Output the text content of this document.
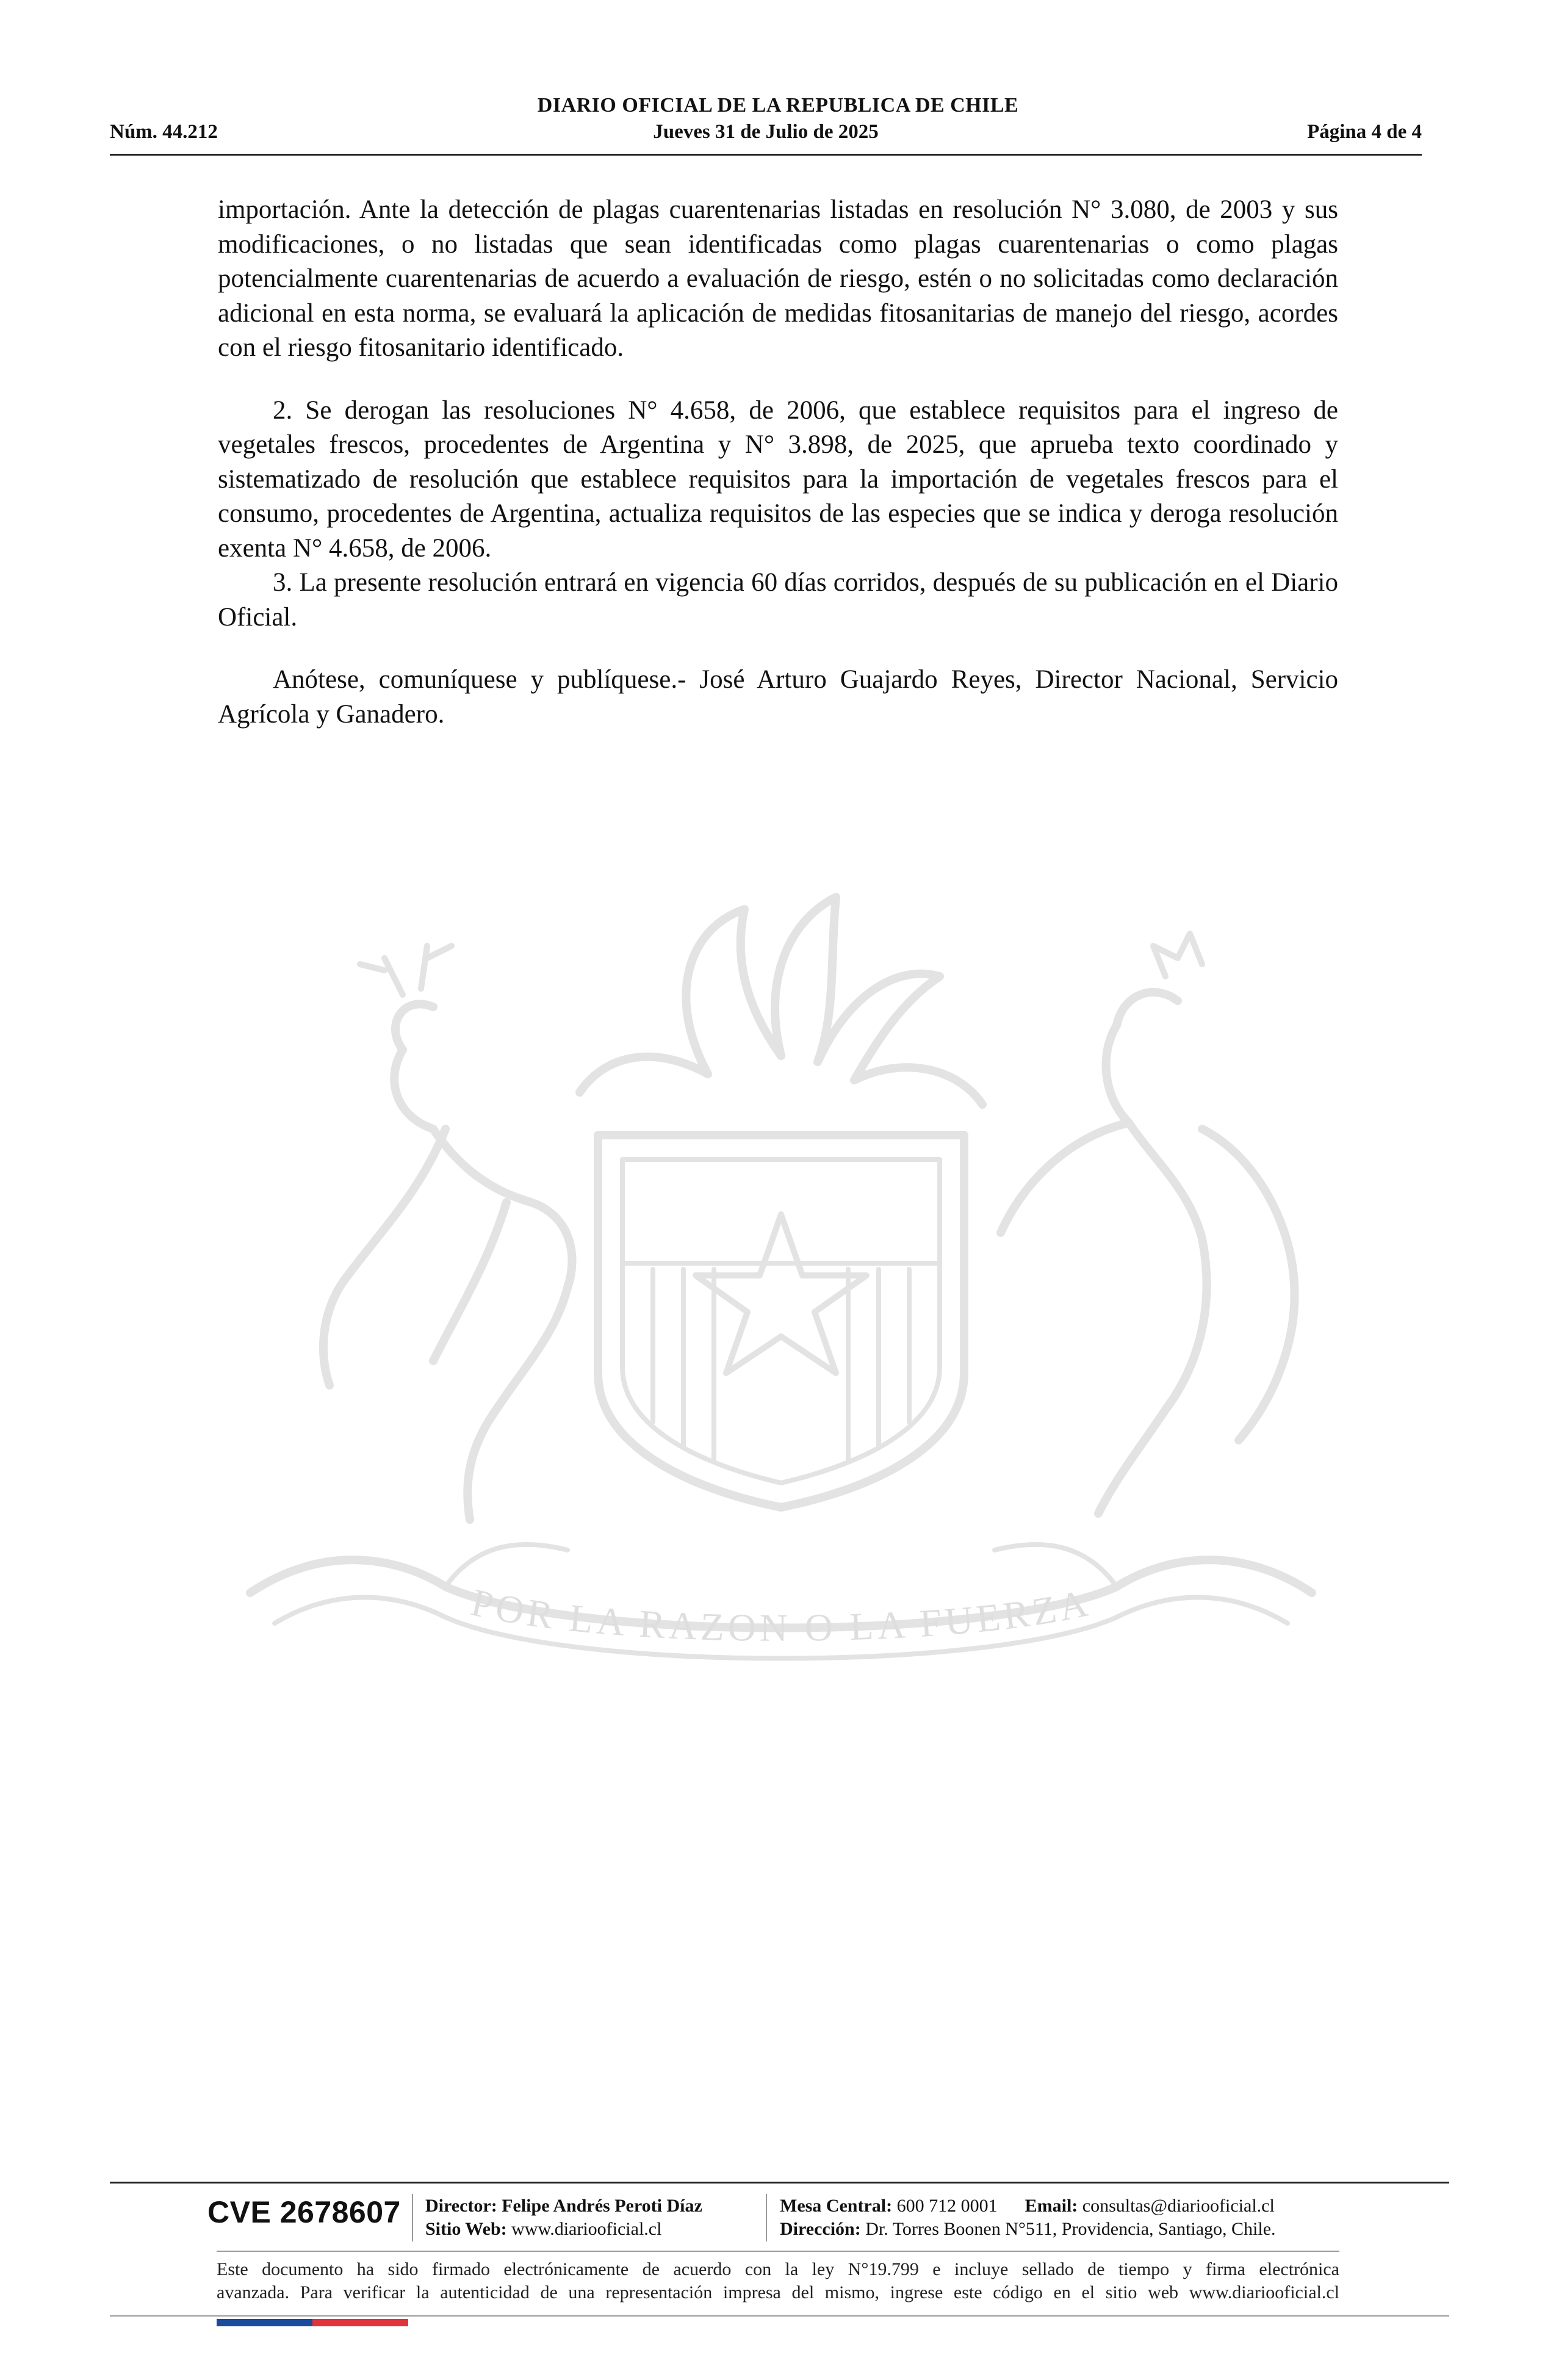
DIARIO OFICIAL DE LA REPUBLICA DE CHILE
Jueves 31 de Julio de 2025
Núm. 44.212	Página 4 de 4
POR LA RAZON O LA FUERZA

importación. Ante la detección de plagas cuarentenarias listadas en resolución N° 3.080, de 2003 y sus modificaciones, o no listadas que sean identificadas como plagas cuarentenarias o como plagas potencialmente cuarentenarias de acuerdo a evaluación de riesgo, estén o no solicitadas como declaración adicional en esta norma, se evaluará la aplicación de medidas fitosanitarias de manejo del riesgo, acordes con el riesgo fitosanitario identificado.

2. Se derogan las resoluciones N° 4.658, de 2006, que establece requisitos para el ingreso de vegetales frescos, procedentes de Argentina y N° 3.898, de 2025, que aprueba texto coordinado y sistematizado de resolución que establece requisitos para la importación de vegetales frescos para el consumo, procedentes de Argentina, actualiza requisitos de las especies que se indica y deroga resolución exenta N° 4.658, de 2006.

3. La presente resolución entrará en vigencia 60 días corridos, después de su publicación en el Diario Oficial.

Anótese, comuníquese y publíquese.- José Arturo Guajardo Reyes, Director Nacional, Servicio Agrícola y Ganadero.

CVE 2678607 Director: Felipe Andrés Peroti Díaz
Sitio Web: www.diariooficial.cl
Mesa Central: 600 712 0001 Email: consultas@diariooficial.cl
Dirección: Dr. Torres Boonen N°511, Providencia, Santiago, Chile.
Este documento ha sido firmado electrónicamente de acuerdo con la ley N°19.799 e incluye sellado de tiempo y firma electrónica
avanzada. Para verificar la autenticidad de una representación impresa del mismo, ingrese este código en el sitio web www.diariooficial.cl
